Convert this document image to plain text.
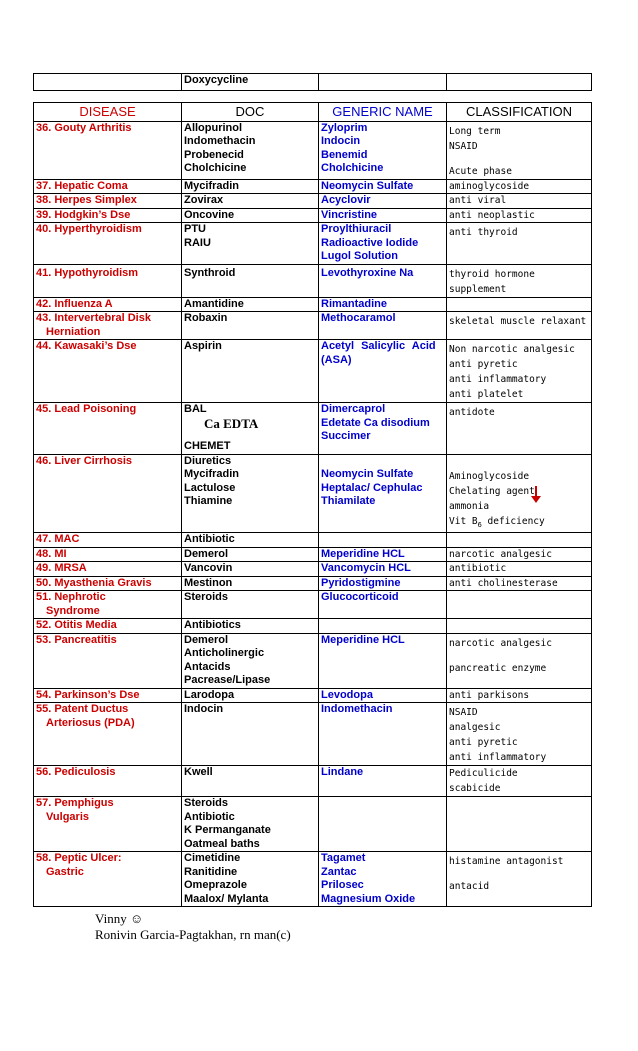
	Doxycycline		
DISEASE	DOC	GENERIC NAME	CLASSIFICATION

36. Gouty Arthritis	Allopurinol
Indomethacin
Probenecid
Cholchicine	Zyloprim
Indocin
Benemid
Cholchicine	Long term
NSAID
Acute phase

37. Hepatic Coma	Mycifradin	Neomycin Sulfate	aminoglycoside

38. Herpes Simplex	Zovirax	Acyclovir	anti viral

39. Hodgkin’s Dse	Oncovine	Vincristine	anti neoplastic

40. Hyperthyroidism	PTU
RAIU	Proylthiuracil
Radioactive Iodide
Lugol Solution	anti thyroid

41. Hypothyroidism	Synthroid	Levothyroxine Na	thyroid hormone
supplement

42. Influenza A	Amantidine	Rimantadine	

43. Intervertebral Disk
Herniation	Robaxin	Methocaramol	skeletal muscle relaxant

44. Kawasaki’s Dse	Aspirin	Acetyl Salicylic Acid
(ASA)	Non narcotic analgesic
anti pyretic
anti inflammatory
anti platelet

45. Lead Poisoning	BAL
Ca EDTA
CHEMET	Dimercaprol
Edetate Ca disodium
Succimer	antidote

46. Liver Cirrhosis	Diuretics
Mycifradin
Lactulose
Thiamine	Neomycin Sulfate
Heptalac/ Cephulac
Thiamilate	Aminoglycoside
Chelating agent
ammonia
Vit $B_6$ deficiency

47. MAC	Antibiotic		

48. MI	Demerol	Meperidine HCL	narcotic analgesic

49. MRSA	Vancovin	Vancomycin HCL	antibiotic

50. Myasthenia Gravis	Mestinon	Pyridostigmine	anti cholinesterase

51. Nephrotic
Syndrome	Steroids	Glucocorticoid	

52. Otitis Media	Antibiotics		

53. Pancreatitis	Demerol
Anticholinergic
Antacids
Pacrease/Lipase	Meperidine HCL	narcotic analgesic
pancreatic enzyme

54. Parkinson’s Dse	Larodopa	Levodopa	anti parkisons

55. Patent Ductus
Arteriosus (PDA)	Indocin	Indomethacin	NSAID
analgesic
anti pyretic
anti inflammatory

56. Pediculosis	Kwell	Lindane	Pediculicide
scabicide

57. Pemphigus
Vulgaris	Steroids
Antibiotic
K Permanganate
Oatmeal baths		

58. Peptic Ulcer:
Gastric	Cimetidine
Ranitidine
Omeprazole
Maalox/ Mylanta	Tagamet
Zantac
Prilosec
Magnesium Oxide	histamine antagonist
antacid
Vinny ☺
Ronivin Garcia-Pagtakhan, rn man(c)
